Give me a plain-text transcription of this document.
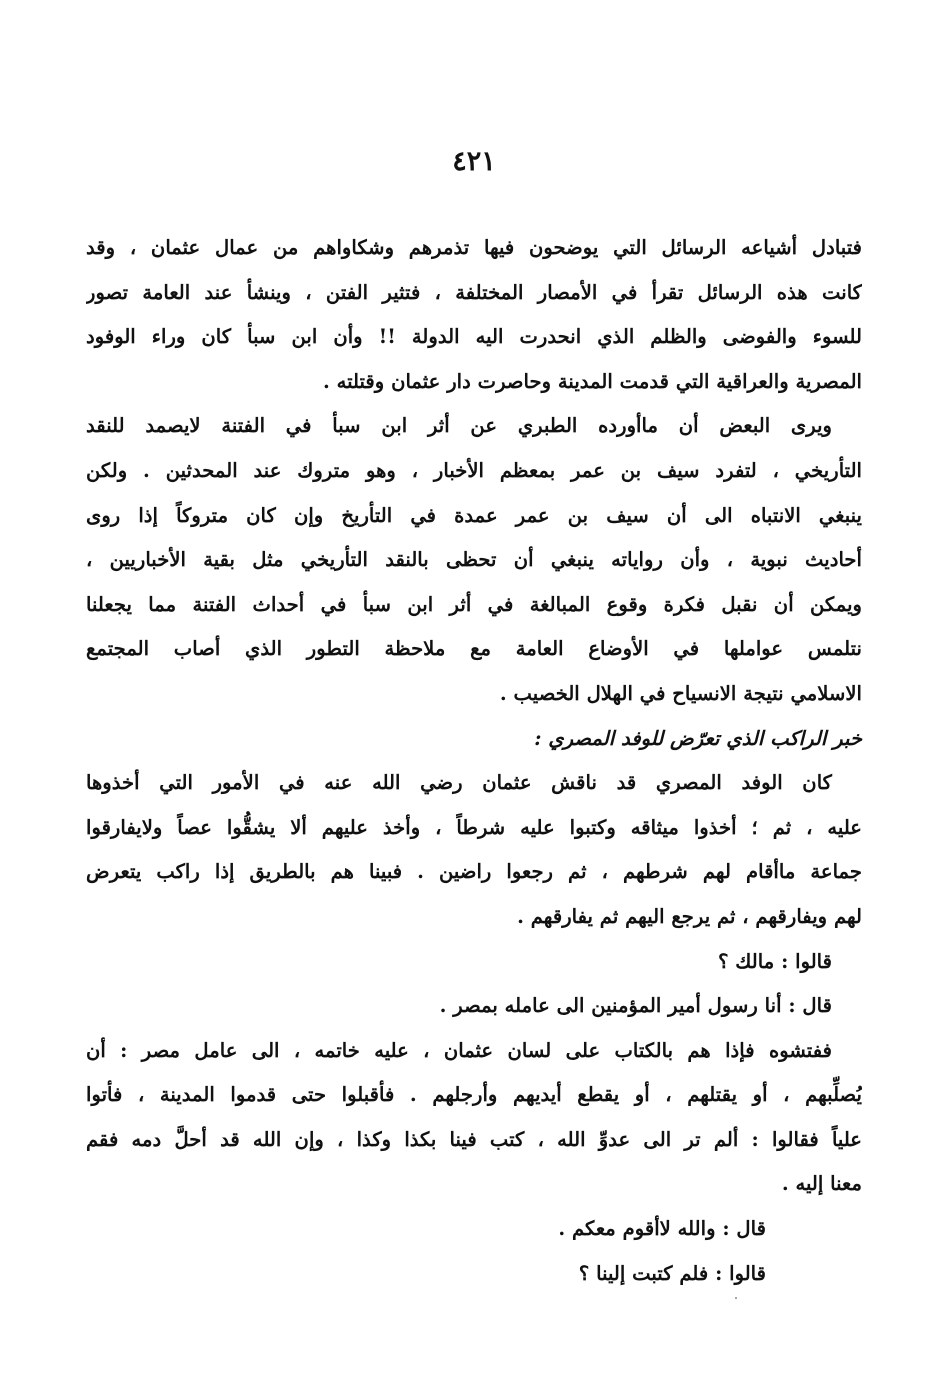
٤٢١
فتبادل أشياعه الرسائل التي يوضحون فيها تذمرهم وشكاواهم من عمال عثمان ، وقد
كانت هذه الرسائل تقرأ في الأمصار المختلفة ، فتثير الفتن ، وينشأ عند العامة تصور
للسوء والفوضى والظلم الذي انحدرت اليه الدولة !! وأن ابن سبأ كان وراء الوفود
المصرية والعراقية التي قدمت المدينة وحاصرت دار عثمان وقتلته .
ويرى البعض أن ماأورده الطبري عن أثر ابن سبأ في الفتنة لايصمد للنقد
التأريخي ، لتفرد سيف بن عمر بمعظم الأخبار ، وهو متروك عند المحدثين . ولكن
ينبغي الانتباه الى أن سيف بن عمر عمدة في التأريخ وإن كان متروكاً إذا روى
أحاديث نبوية ، وأن رواياته ينبغي أن تحظى بالنقد التأريخي مثل بقية الأخباريين ،
ويمكن أن نقبل فكرة وقوع المبالغة في أثر ابن سبأ في أحداث الفتنة مما يجعلنا
نتلمس عواملها في الأوضاع العامة مع ملاحظة التطور الذي أصاب المجتمع
الاسلامي نتيجة الانسياح في الهلال الخصيب .
خبر الراكب الذي تعرّض للوفد المصري :
كان الوفد المصري قد ناقش عثمان رضي الله عنه في الأمور التي أخذوها
عليه ، ثم ؛ أخذوا ميثاقه وكتبوا عليه شرطاً ، وأخذ عليهم ألا يشقُّوا عصاً ولايفارقوا
جماعة ماأقام لهم شرطهم ، ثم رجعوا راضين . فبينا هم بالطريق إذا راكب يتعرض
لهم ويفارقهم ، ثم يرجع اليهم ثم يفارقهم .
قالوا : مالك ؟
قال : أنا رسول أمير المؤمنين الى عامله بمصر .
ففتشوه فإذا هم بالكتاب على لسان عثمان ، عليه خاتمه ، الى عامل مصر : أن
يُصلِّبهم ، أو يقتلهم ، أو يقطع أيديهم وأرجلهم . فأقبلوا حتى قدموا المدينة ، فأتوا
علياً فقالوا : ألم تر الى عدوِّ الله ، كتب فينا بكذا وكذا ، وإن الله قد أحلَّ دمه فقم
معنا إليه .
قال : والله لاأقوم معكم .
قالوا : فلم كتبت إلينا ؟
